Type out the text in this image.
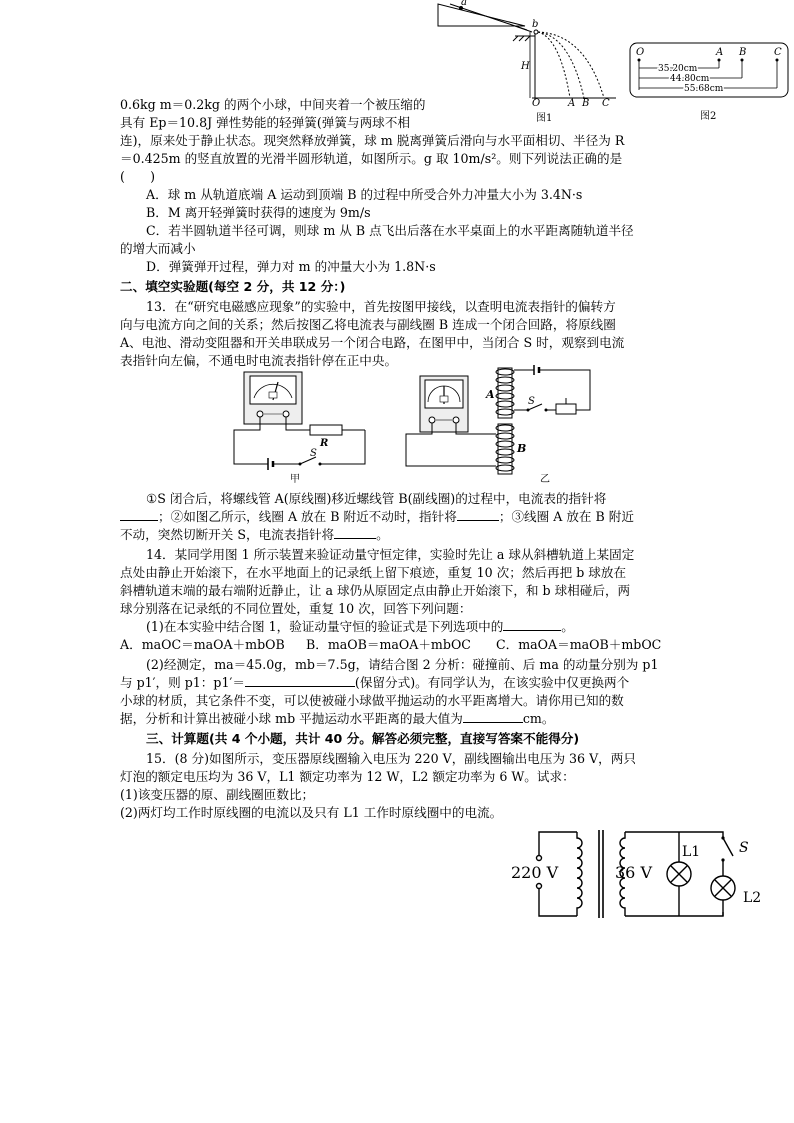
a
b
H
O	A B C
图1
O	A B	C
35.20cm
44.80cm
55.68cm
图2
0.6kg m＝0.2kg 的两个小球，中间夹着一个被压缩的
具有 Ep＝10.8J 弹性势能的轻弹簧(弹簧与两球不相
连)，原来处于静止状态。现突然释放弹簧，球 m 脱离弹簧后滑向与水平面相切、半径为 R
＝0.425m 的竖直放置的光滑半圆形轨道，如图所示。g 取 10m/s²。则下列说法正确的是
(　　)
A．球 m 从轨道底端 A 运动到顶端 B 的过程中所受合外力冲量大小为 3.4N·s
B．M 离开轻弹簧时获得的速度为 9m/s
C．若半圆轨道半径可调，则球 m 从 B 点飞出后落在水平桌面上的水平距离随轨道半径
的增大而减小
D．弹簧弹开过程，弹力对 m 的冲量大小为 1.8N·s
二、填空实验题(每空 2 分，共 12 分：)
13．在“研究电磁感应现象”的实验中，首先按图甲接线，以查明电流表指针的偏转方
向与电流方向之间的关系；然后按图乙将电流表与副线圈 B 连成一个闭合回路，将原线圈
A、电池、滑动变阻器和开关串联成另一个闭合电路，在图甲中，当闭合 S 时，观察到电流
表指针向左偏，不通电时电流表指针停在正中央。
R
S
甲
A
B
S
乙
①S 闭合后，将螺线管 A(原线圈)移近螺线管 B(副线圈)的过程中，电流表的指针将
；②如图乙所示，线圈 A 放在 B 附近不动时，指针将	；③线圈 A 放在 B 附近
不动，突然切断开关 S，电流表指针将	。
14．某同学用图 1 所示装置来验证动量守恒定律，实验时先让 a 球从斜槽轨道上某固定
点处由静止开始滚下，在水平地面上的记录纸上留下痕迹，重复 10 次；然后再把 b 球放在
斜槽轨道末端的最右端附近静止，让 a 球仍从原固定点由静止开始滚下，和 b 球相碰后，两
球分别落在记录纸的不同位置处，重复 10 次，回答下列问题：
(1)在本实验中结合图 1，验证动量守恒的验证式是下列选项中的	。
A．maOC＝maOA＋mbOB B．maOB＝maOA＋mbOC C．maOA＝maOB＋mbOC
(2)经测定，ma＝45.0g，mb＝7.5g，请结合图 2 分析：碰撞前、后 ma 的动量分别为 p1
与 p1′，则 p1：p1′＝	(保留分式)。有同学认为，在该实验中仅更换两个
小球的材质，其它条件不变，可以使被碰小球做平抛运动的水平距离增大。请你用已知的数
据，分析和计算出被碰小球 mb 平抛运动水平距离的最大值为	cm。
三、计算题(共 4 个小题，共计 40 分。解答必须完整，直接写答案不能得分)
15．(8 分)如图所示，变压器原线圈输入电压为 220 V，副线圈输出电压为 36 V，两只
灯泡的额定电压均为 36 V，L1 额定功率为 12 W，L2 额定功率为 6 W。试求：
(1)该变压器的原、副线圈匝数比；
(2)两灯均工作时原线圈的电流以及只有 L1 工作时原线圈中的电流。
220 V	36 V
L1	S
L2
